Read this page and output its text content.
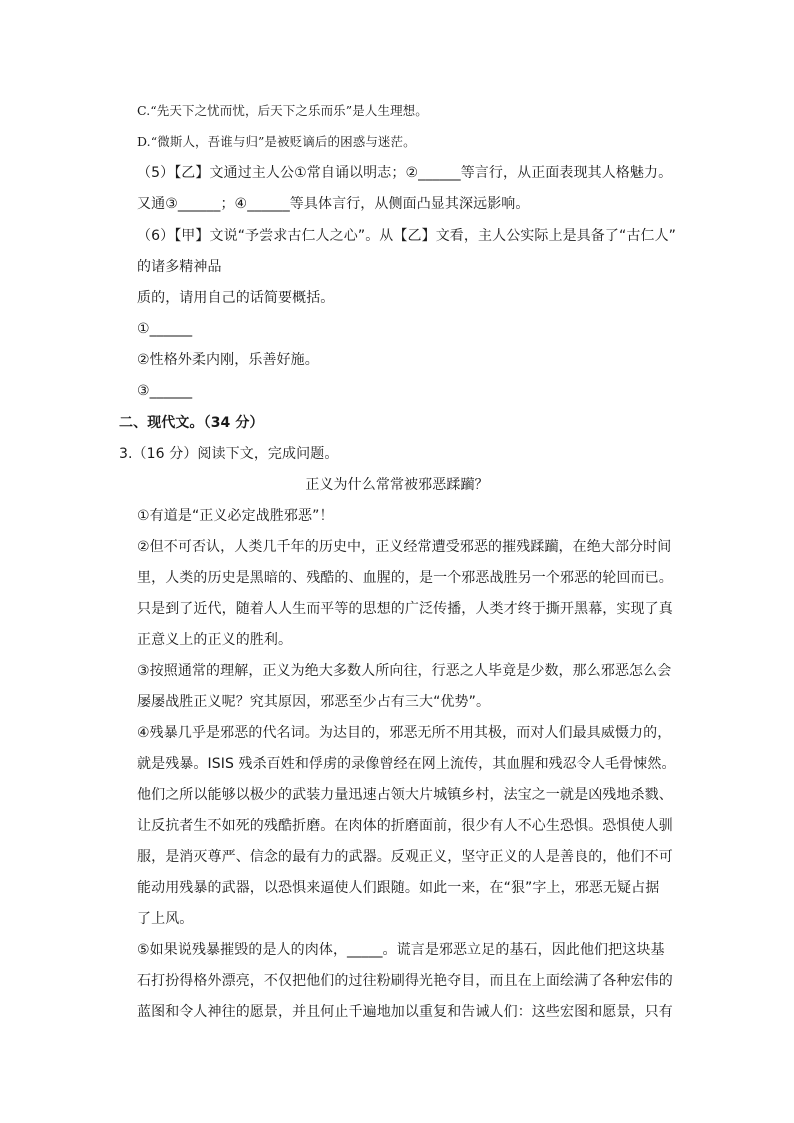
C.“先天下之忧而忧，后天下之乐而乐”是人生理想。

D.“微斯人，吾谁与归”是被贬谪后的困惑与迷茫。

（5）【乙】文通过主人公①常自诵以明志；②______等言行，从正面表现其人格魅力。

又通③______；④______等具体言行，从侧面凸显其深远影响。

（6）【甲】文说“予尝求古仁人之心”。从【乙】文看，主人公实际上是具备了“古仁人”

的诸多精神品

质的，请用自己的话简要概括。

①______

②性格外柔内刚，乐善好施。

③______

二、现代文。（34 分）

3.（16 分）阅读下文，完成问题。

正义为什么常常被邪恶蹂躏？

①有道是“正义必定战胜邪恶”！

②但不可否认，人类几千年的历史中，正义经常遭受邪恶的摧残蹂躏，在绝大部分时间

里，人类的历史是黑暗的、残酷的、血腥的，是一个邪恶战胜另一个邪恶的轮回而已。

只是到了近代，随着人人生而平等的思想的广泛传播，人类才终于撕开黑幕，实现了真

正意义上的正义的胜利。

③按照通常的理解，正义为绝大多数人所向往，行恶之人毕竟是少数，那么邪恶怎么会

屡屡战胜正义呢？究其原因，邪恶至少占有三大“优势”。

④残暴几乎是邪恶的代名词。为达目的，邪恶无所不用其极，而对人们最具威慑力的，

就是残暴。ISIS 残杀百姓和俘虏的录像曾经在网上流传，其血腥和残忍令人毛骨悚然。

他们之所以能够以极少的武装力量迅速占领大片城镇乡村，法宝之一就是凶残地杀戮、

让反抗者生不如死的残酷折磨。在肉体的折磨面前，很少有人不心生恐惧。恐惧使人驯

服，是消灭尊严、信念的最有力的武器。反观正义，坚守正义的人是善良的，他们不可

能动用残暴的武器，以恐惧来逼使人们跟随。如此一来，在“狠”字上，邪恶无疑占据

了上风。

⑤如果说残暴摧毁的是人的肉体，_____。谎言是邪恶立足的基石，因此他们把这块基

石打扮得格外漂亮，不仅把他们的过往粉刷得光艳夺目，而且在上面绘满了各种宏伟的

蓝图和令人神往的愿景，并且何止千遍地加以重复和告诫人们：这些宏图和愿景，只有
